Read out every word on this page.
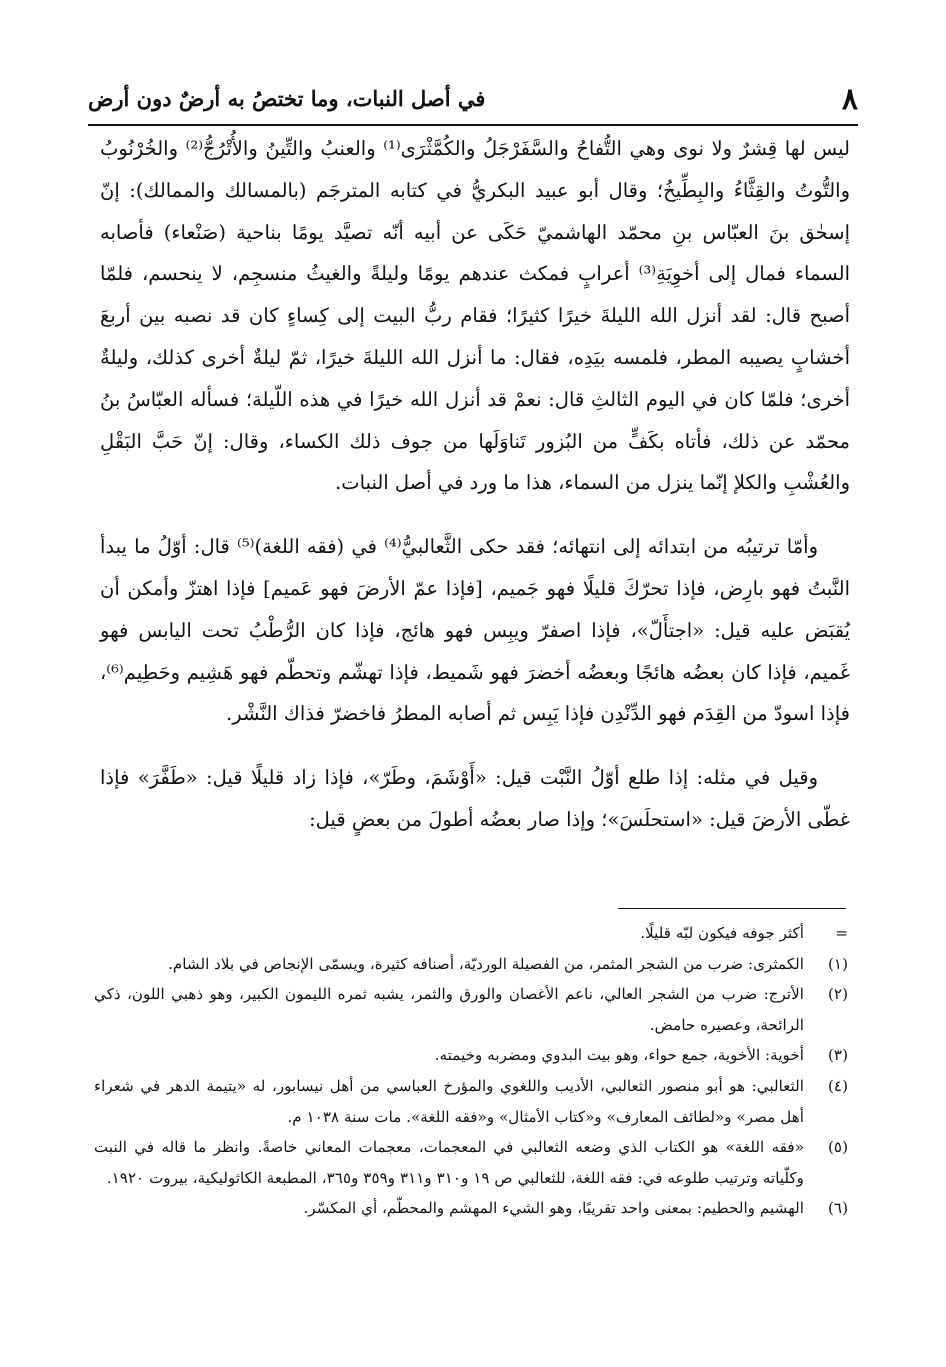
٨
في أصل النبات، وما تختصُ به أرضٌ دون أرض

ليس لها قِشرٌ ولا نوى وهي التُّفاحُ والسَّفَرْجَلُ والكُمَّثْرَى⁽¹⁾ والعنبُ والتِّينُ والأُتْرُجُّ⁽²⁾ والخُرْنُوبُ والتُّوتُ والقِثَّاءُ والبِطِّيخُ؛ وقال أبو عبيد البكريُّ في كتابه المترجَم (بالمسالك والممالك): إنّ إسحٰق بنَ العبّاس بنِ محمّد الهاشميّ حَكَى عن أبيه أنّه تصيَّد يومًا بناحية (صَنْعاء) فأصابه السماء فمال إلى أخوِيَةِ⁽³⁾ أعرابٍ فمكث عندهم يومًا وليلةً والغيثُ منسجِم، لا ينحسم، فلمّا أصبح قال: لقد أنزل الله الليلةَ خيرًا كثيرًا؛ فقام ربُّ البيت إلى كِساءٍ كان قد نصبه بين أربعَ أخشابٍ يصيبه المطر، فلمسه بيَدِه، فقال: ما أنزل الله الليلةَ خيرًا، ثمّ ليلةٌ أخرى كذلك، وليلةٌ أخرى؛ فلمّا كان في اليوم الثالثِ قال: نعمْ قد أنزل الله خيرًا في هذه اللّيلة؛ فسأله العبّاسُ بنُ محمّد عن ذلك، فأتاه بكَفٍّ من البُزور تَناوَلَها من جوف ذلك الكساء، وقال: إنّ حَبَّ البَقْلِ والعُشْبِ والكلإ إنّما ينزل من السماء، هذا ما ورد في أصل النبات.

وأمّا ترتيبُه من ابتدائه إلى انتهائه؛ فقد حكى الثَّعالبيُّ⁽⁴⁾ في (فقه اللغة)⁽⁵⁾ قال: أوّلُ ما يبدأ النَّبتُ فهو بارِض، فإذا تحرّكَ قليلًا فهو جَميم، [فإذا عمّ الأرضَ فهو عَميم] فإذا اهتزّ وأمكن أن يُقبَض عليه قيل: «اجتأَلّ»، فإذا اصفرّ ويبِس فهو هائج، فإذا كان الرُّطْبُ تحت اليابس فهو غَميم، فإذا كان بعضُه هائجًا وبعضُه أخضرَ فهو شَميط، فإذا تهشّم وتحطّم فهو هَشِيم وحَطِيم⁽⁶⁾، فإذا اسودّ من القِدَم فهو الدِّنْدِن فإذا يَبِس ثم أصابه المطرُ فاخضرّ فذاك النَّشْر.

وقيل في مثله: إذا طلع أوّلُ النَّبْت قيل: «أَوْشَمَ، وطَرّ»، فإذا زاد قليلًا قيل: «طَفَّرَ» فإذا غطّى الأرضَ قيل: «استحلَسَ»؛ وإذا صار بعضُه أطولَ من بعضٍ قيل:

=
أكثر جوفه فيكون لبّه قليلًا.
(١)
الكمثرى: ضرب من الشجر المثمر، من الفصيلة الورديّة، أصنافه كثيرة، ويسمّى الإنجاص في بلاد الشام.
(٢)
الأترج: ضرب من الشجر العالي، ناعم الأغصان والورق والثمر، يشبه ثمره الليمون الكبير، وهو ذهبي اللون، ذكي الرائحة، وعصيره حامض.
(٣)
أخوية: الأخوية، جمع حواء، وهو بيت البدوي ومضربه وخيمته.
(٤)
الثعالبي: هو أبو منصور الثعالبي، الأديب واللغوي والمؤرخ العباسي من أهل نيسابور، له «يتيمة الدهر في شعراء أهل مصر» و«لطائف المعارف» و«كتاب الأمثال» و«فقه اللغة». مات سنة ١٠٣٨ م.
(٥)
«فقه اللغة» هو الكتاب الذي وضعه الثعالبي في المعجمات، معجمات المعاني خاصةً. وانظر ما قاله في النبت وكلّياته وترتيب طلوعه في: فقه اللغة، للثعالبي ص ١٩ و٣١٠ و٣١١ و٣٥٩ و٣٦٥، المطبعة الكاثوليكية، بيروت ١٩٢٠.
(٦)
الهشيم والحطيم: بمعنى واحد تقريبًا، وهو الشيء المهشم والمحطّم، أي المكسّر.
